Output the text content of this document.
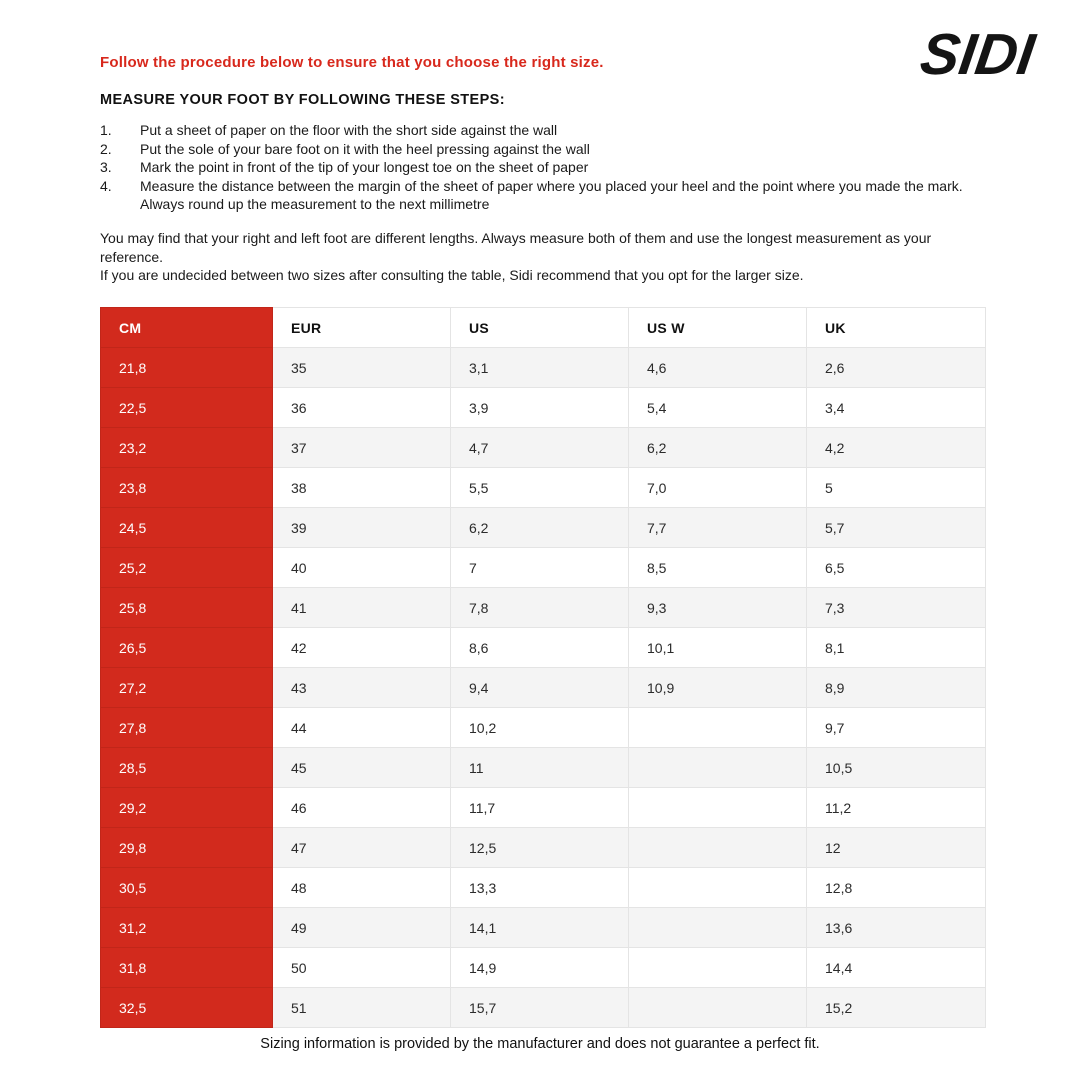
Follow the procedure below to ensure that you choose the right size.	SIDI
MEASURE YOUR FOOT BY FOLLOWING THESE STEPS:
1.	Put a sheet of paper on the floor with the short side against the wall
2.	Put the sole of your bare foot on it with the heel pressing against the wall
3.	Mark the point in front of the tip of your longest toe on the sheet of paper
4.	Measure the distance between the margin of the sheet of paper where you placed your heel and the point where you made the mark. Always round up the measurement to the next millimetre

You may find that your right and left foot are different lengths. Always measure both of them and use the longest measurement as your reference.

If you are undecided between two sizes after consulting the table, Sidi recommend that you opt for the larger size.

CM	EUR	US	US W	UK
21,8	35	3,1	4,6	2,6
22,5	36	3,9	5,4	3,4
23,2	37	4,7	6,2	4,2
23,8	38	5,5	7,0	5
24,5	39	6,2	7,7	5,7
25,2	40	7	8,5	6,5
25,8	41	7,8	9,3	7,3
26,5	42	8,6	10,1	8,1
27,2	43	9,4	10,9	8,9
27,8	44	10,2		9,7
28,5	45	11		10,5
29,2	46	11,7		11,2
29,8	47	12,5		12
30,5	48	13,3		12,8
31,2	49	14,1		13,6
31,8	50	14,9		14,4
32,5	51	15,7		15,2
Sizing information is provided by the manufacturer and does not guarantee a perfect fit.
